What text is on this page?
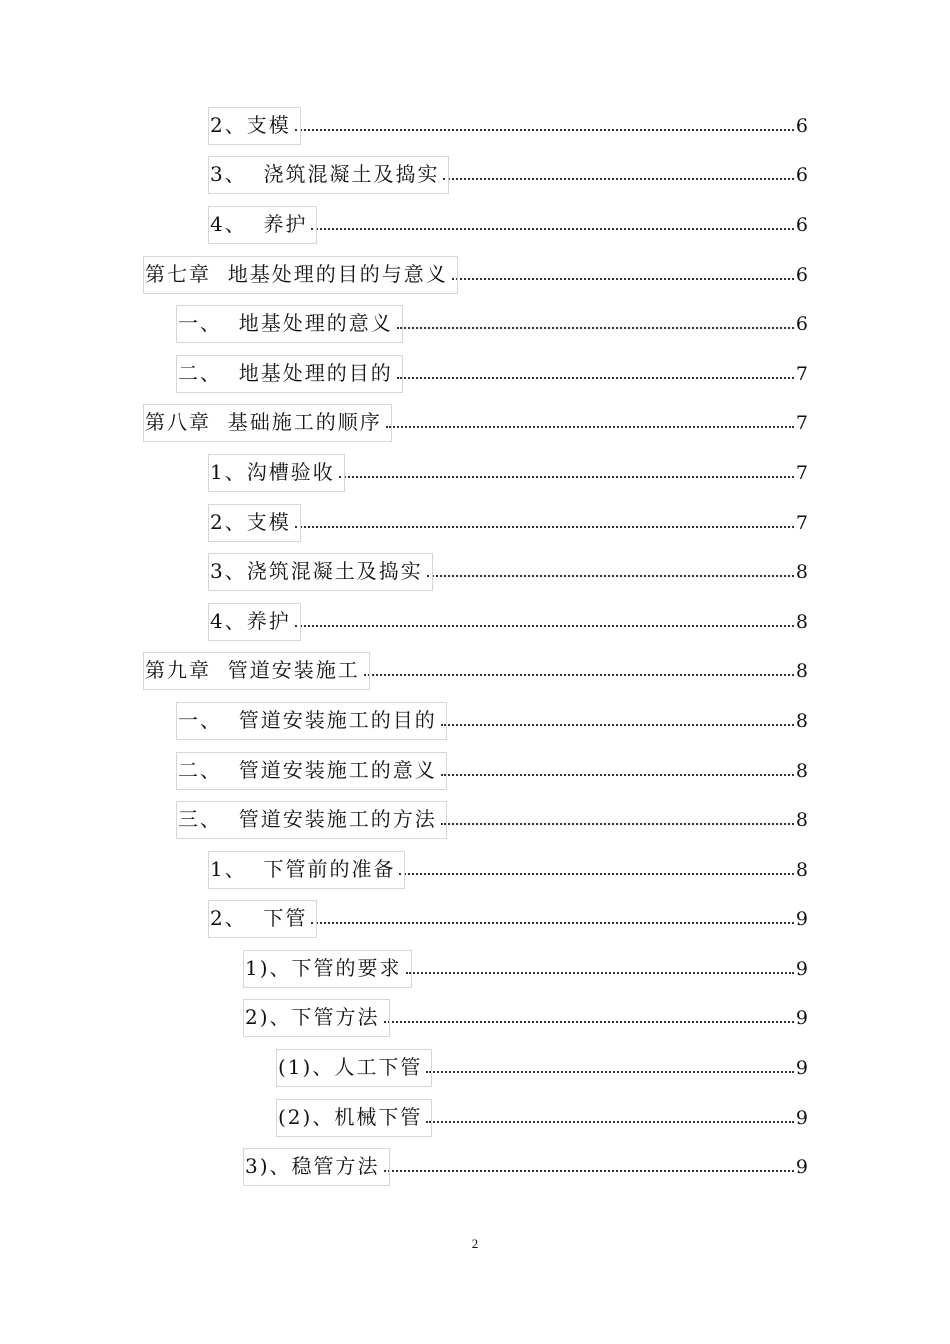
2、支模	6
3、  浇筑混凝土及捣实	6
4、  养护	6
第七章  地基处理的目的与意义	6
一、  地基处理的意义	6
二、  地基处理的目的	7
第八章  基础施工的顺序	7
1、沟槽验收	7
2、支模	7
3、浇筑混凝土及捣实	8
4、养护	8
第九章  管道安装施工	8
一、  管道安装施工的目的	8
二、  管道安装施工的意义	8
三、  管道安装施工的方法	8
1、  下管前的准备	8
2、  下管	9
1)、下管的要求	9
2)、下管方法	9
(1)、人工下管	9
(2)、机械下管	9
3)、稳管方法	9
2
